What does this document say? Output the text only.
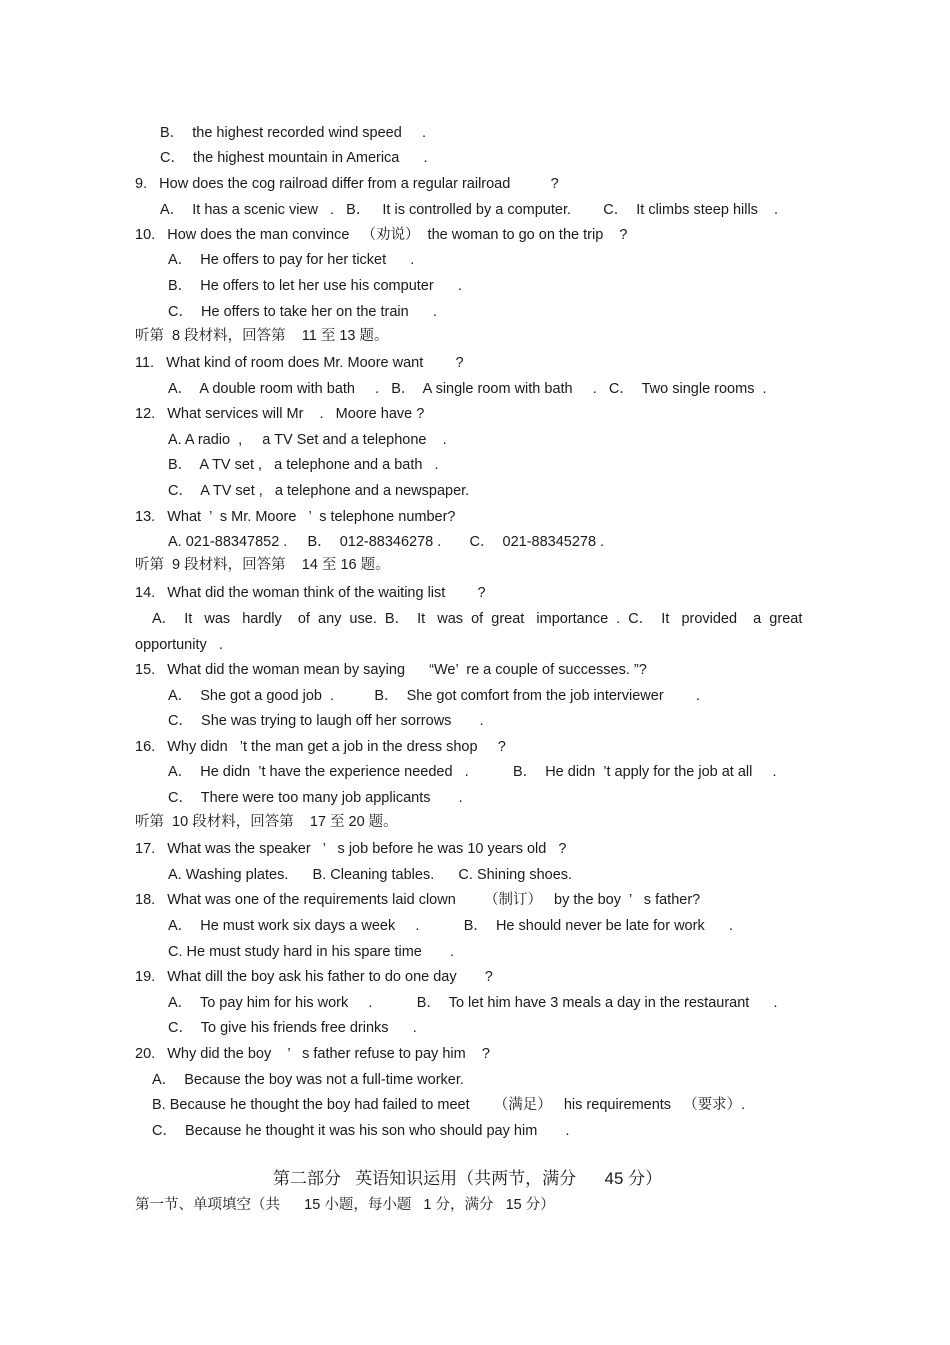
B．  the highest recorded wind speed     .
C．  the highest mountain in America      .
9.   How does the cog railroad differ from a regular railroad          ?
A．  It has a scenic view   .   B．   It is controlled by a computer.        C．  It climbs steep hills    .
10.   How does the man convince   （劝说）  the woman to go on the trip    ?
A．  He offers to pay for her ticket      .
B．  He offers to let her use his computer      .
C．  He offers to take her on the train      .
听第  8 段材料，回答第    11 至 13 题。
11.   What kind of room does Mr. Moore want        ?
A．  A double room with bath     .   B．  A single room with bath     .   C．  Two single rooms  .
12.   What services will Mr    .   Moore have ?
A. A radio  ,     a TV Set and a telephone    .
B．  A TV set ,   a telephone and a bath   .
C．  A TV set ,   a telephone and a newspaper.
13.   What  ’  s Mr. Moore   ’  s telephone number?
A. 021-88347852 .     B．  012-88346278 .       C．  021-88345278 .
听第  9 段材料，回答第    14 至 16 题。
14.   What did the woman think of the waiting list        ?
A．  It   was   hardly    of  any  use.  B．  It   was  of  great   importance  .  C．  It   provided    a  great
opportunity   .
15.   What did the woman mean by saying      “We’  re a couple of successes. ”?
A．  She got a good job  .          B．  She got comfort from the job interviewer        .
C．  She was trying to laugh off her sorrows       .
16.   Why didn   ’t the man get a job in the dress shop     ?
A．  He didn  ’t have the experience needed   .           B．  He didn  ’t apply for the job at all     .
C．  There were too many job applicants       .
听第  10 段材料，回答第    17 至 20 题。
17.   What was the speaker   ’   s job before he was 10 years old   ?
A. Washing plates.      B. Cleaning tables.      C. Shining shoes.
18.   What was one of the requirements laid clown       （制订）   by the boy  ’   s father?
A．  He must work six days a week     .           B．  He should never be late for work      .
C. He must study hard in his spare time       .
19.   What dill the boy ask his father to do one day       ?
A．  To pay him for his work     .           B．  To let him have 3 meals a day in the restaurant      .
C．  To give his friends free drinks      .
20.   Why did the boy    ’   s father refuse to pay him    ?
A．  Because the boy was not a full-time worker.
B. Because he thought the boy had failed to meet      （满足）   his requirements   （要求）.
C．  Because he thought it was his son who should pay him       .
第二部分   英语知识运用（共两节，满分      45 分）
第一节、单项填空（共      15 小题，每小题   1 分，满分   15 分）
